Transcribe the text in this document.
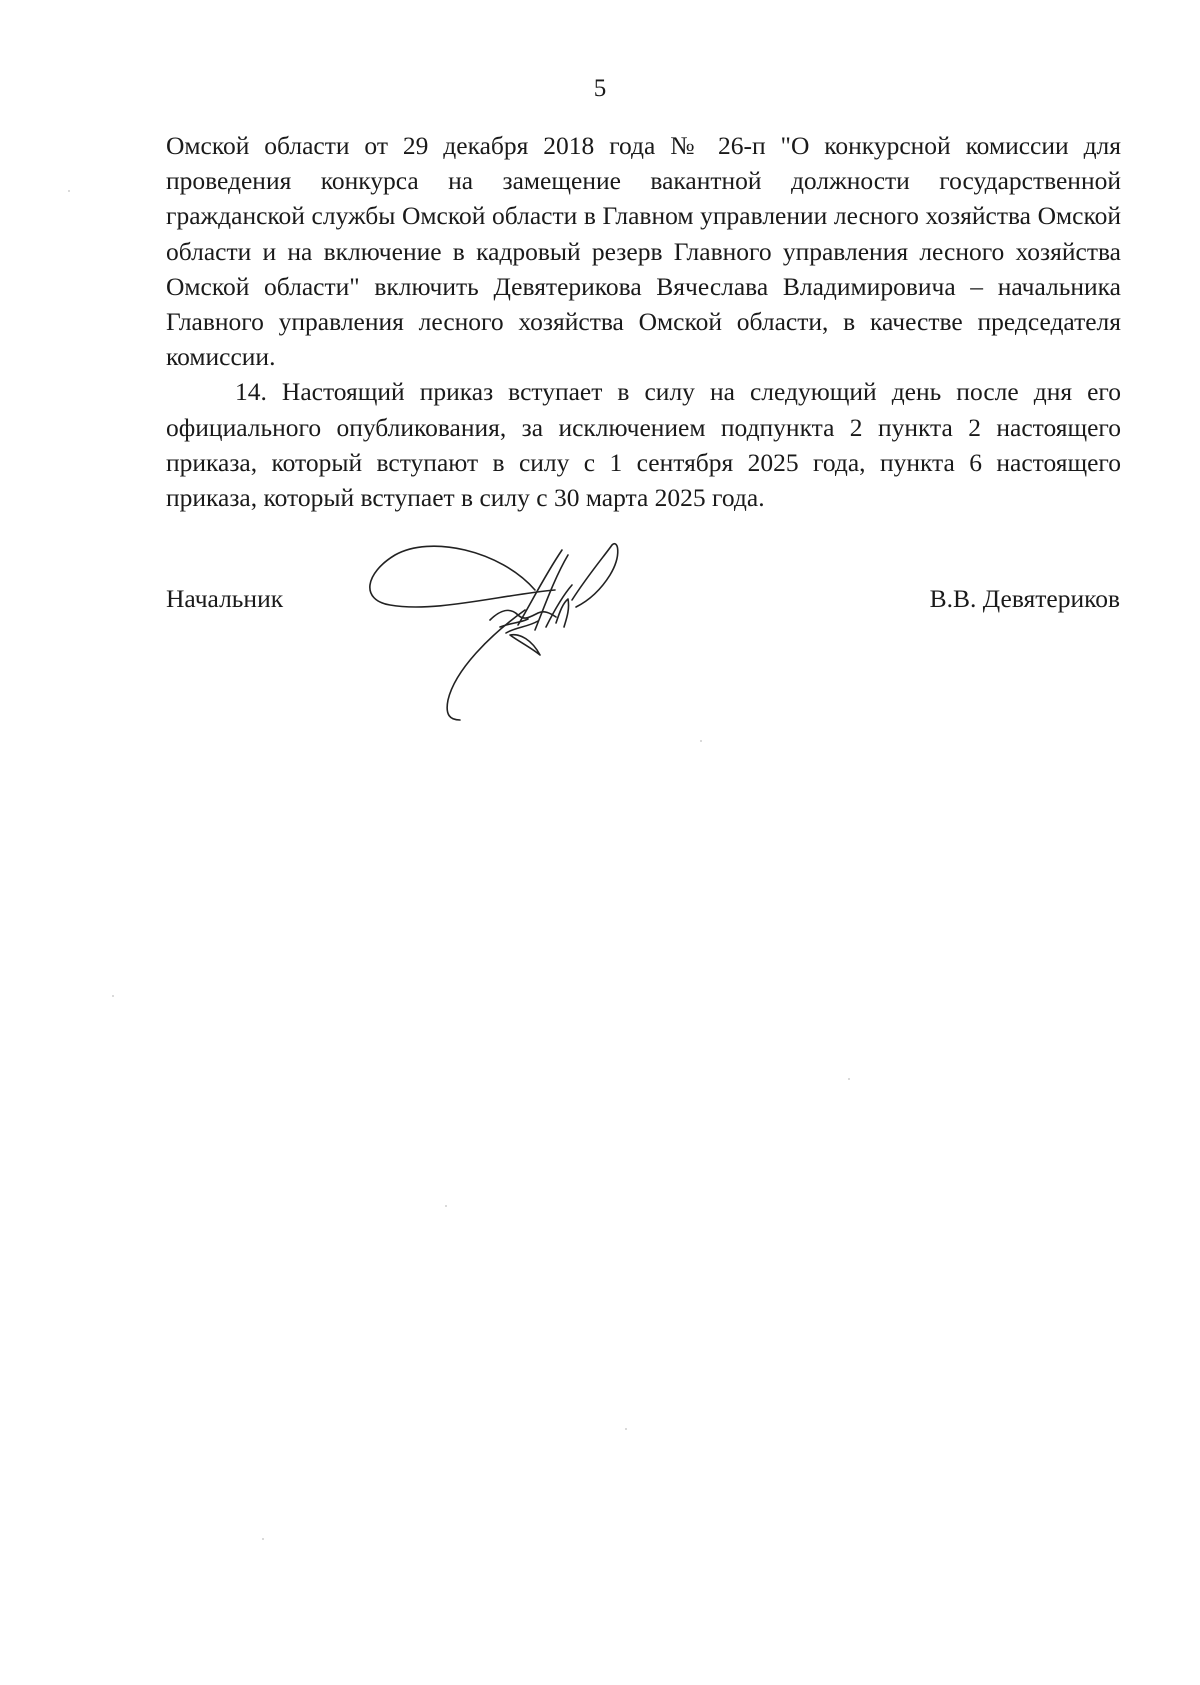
5

Омской области от 29 декабря 2018 года № 26-п "О конкурсной комиссии для проведения конкурса на замещение вакантной должности государственной гражданской службы Омской области в Главном управлении лесного хозяйства Омской области и на включение в кадровый резерв Главного управления лесного хозяйства Омской области" включить Девятерикова Вячеслава Владимировича – начальника Главного управления лесного хозяйства Омской области, в качестве председателя комиссии.

14. Настоящий приказ вступает в силу на следующий день после дня его официального опубликования, за исключением подпункта 2 пункта 2 настоящего приказа, который вступают в силу с 1 сентября 2025 года, пункта 6 настоящего приказа, который вступает в силу с 30 марта 2025 года.

Начальник	В.В. Девятериков
